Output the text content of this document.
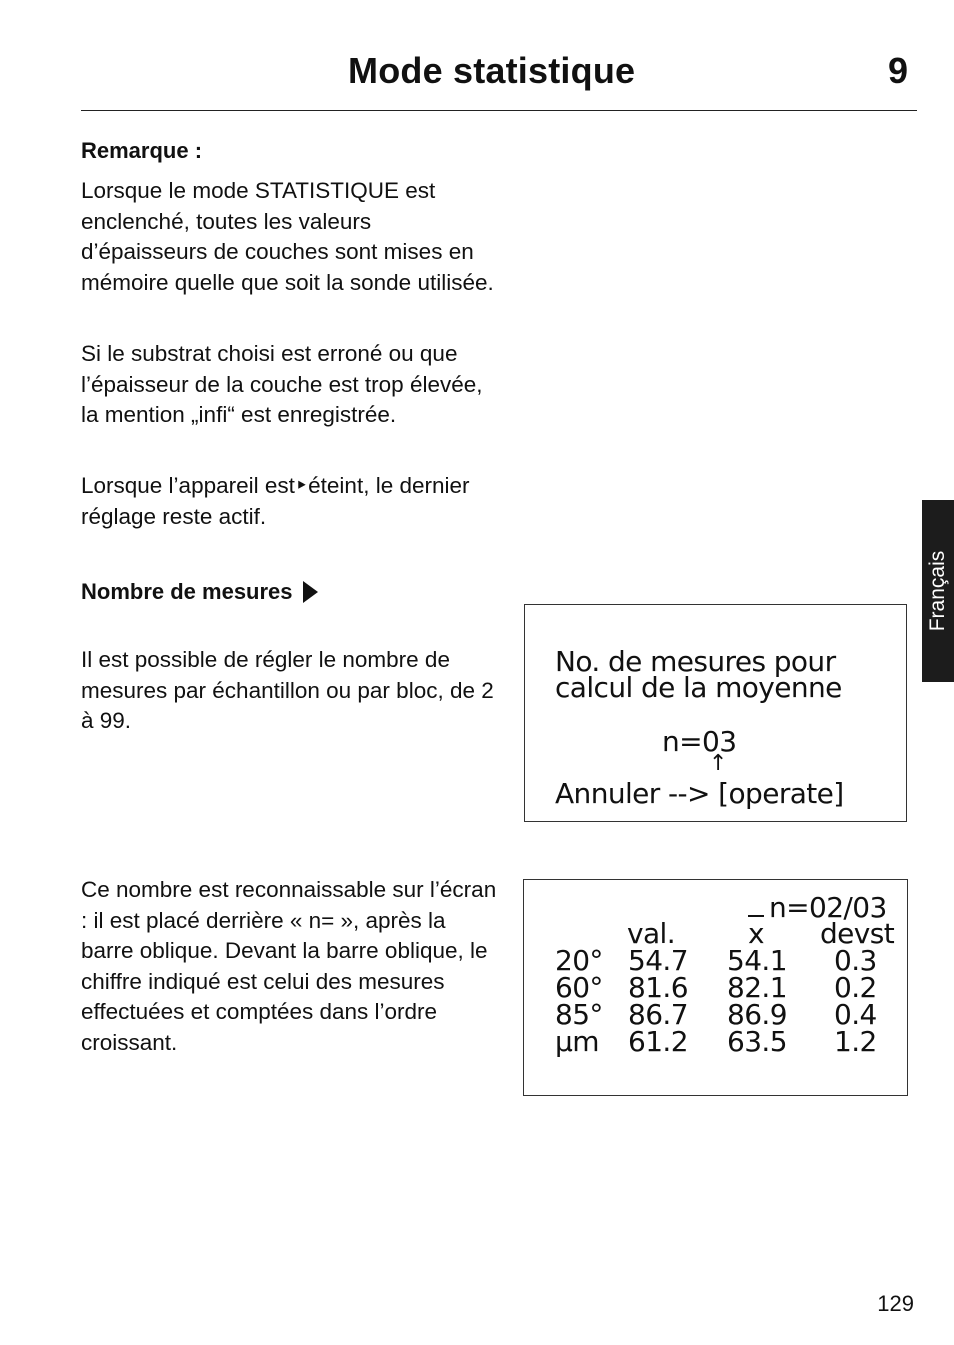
Mode statistique	9
Remarque :

Lorsque le mode STATISTIQUE est enclenché, toutes les valeurs d’épaisseurs de couches sont mises en mémoire quelle que soit la sonde utilisée.

Si le substrat choisi est erroné ou que l’épaisseur de la couche est trop élevée, la mention „infi“ est enregistrée.

Lorsque l’appareil est‣éteint, le dernier réglage reste actif.

Nombre de mesures

Il est possible de régler le nombre de mesures par échantillon ou par bloc, de 2 à 99.

Ce nombre est reconnaissable sur l’écran : il est placé derrière « n= », après la barre oblique. Devant la barre oblique, le chiffre indiqué est celui des mesures effectuées et comptées dans l’ordre croissant.

No. de mesures pour
calcul de la moyenne
n=03
↑
Annuler --> [operate]
n=02/03
val.	$\overline{x}$ devst
20° 54.7 54.1 0.3
60° 81.6 82.1 0.2
85° 86.7 86.9 0.4
µm 61.2 63.5 1.2
Français
129
